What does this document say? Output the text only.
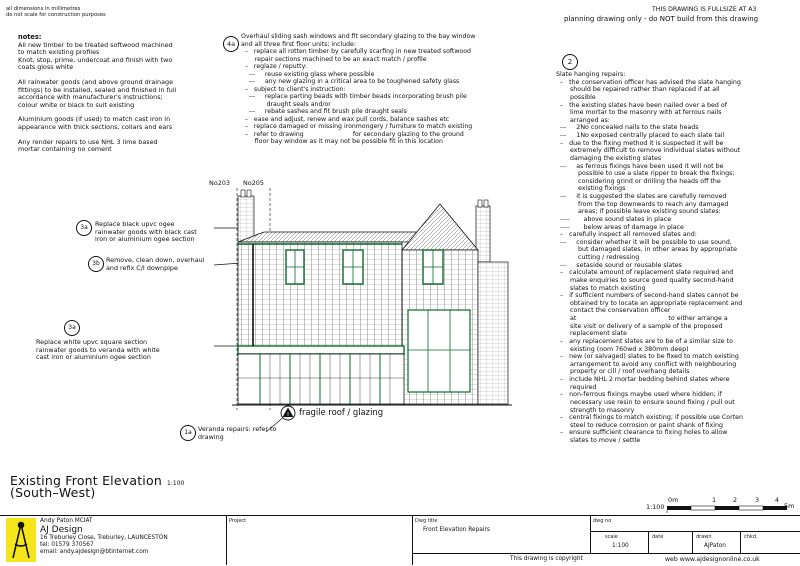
all dimensions in millimetres
do not scale for construction purposes
THIS DRAWING IS FULLSIZE AT A3
planning drawing only - do NOT build from this drawing
notes:
All new timber to be treated softwood machined
to match existing profiles
Knot, stop, prime, undercoat and finish with two
coats gloss white
All rainwater goods (and above ground drainage
fittings) to be installed, sealed and finished in full
accordance with manufacturer's instructions;
colour white or black to suit existing
Aluminium goods (if used) to match cast iron in
appearance with thick sections, collars and ears
Any render repairs to use NHL 3 lime based
mortar containing no cement
4a
Overhaul sliding sash windows and fit secondary glazing to the bay window
and all three first floor units; include:
–   replace all rotten timber by carefully scarfing in new treated softwood
repair sections machined to be an exact match / profile
–   reglaze / reputty:
––     reuse existing glass where possible
––     any new glazing in a critical area to be toughened safety glass
–   subject to client's instruction:
––     replace parting beads with timber beads incorporating brush pile
draught seals and/or
––     rebate sashes and fit brush pile draught seals
–   ease and adjust, renew and wax pull cords, balance sashes etc
–   replace damaged or missing ironmongery / furniture to match existing
–   refer to drawing                         for secondary glazing to the ground
floor bay window as it may not be possible fit in this location
2
Slate hanging repairs:
–   the conservation officer has advised the slate hanging
should be repaired rather than replaced if at all
possible
–   the existing slates have been nailed over a bed of
lime mortar to the masonry with at ferrous nails
arranged as:
––     2No concealed nails to the slate heads
––     1No exposed centrally placed to each slate tail
–   due to the fixing method it is suspected it will be
extremely difficult to remove individual slates without
damaging the existing slates
––     as ferrous fixings have been used it will not be
possible to use a slate ripper to break the fixings;
considering grind or drilling the heads off the
existing fixings
––     it is suggested the slates are carefully removed
from the top downwards to reach any damaged
areas; if possible leave existing sound slates:
–––       above sound slates in place
–––       below areas of damage in place
–   carefully inspect all removed slates and:
––     consider whether it will be possible to use sound,
but damaged slates, in other areas by appropriate
cutting / redressing
––     setaside sound or reusable slates
–   calculate amount of replacement slate required and
make enquiries to source good quality second-hand
slates to match existing
–   if sufficient numbers of second-hand slates cannot be
obtained try to locate an appropriate replacement and
contact the conservation officer
at                                              to either arrange a
site visit or delivery of a sample of the proposed
replacement slate
–   any replacement slates are to be of a similar size to
existing (nom 760wd x 380mm deep)
–   new (or salvaged) slates to be fixed to match existing
arrangement to avoid any conflict with neighbouring
property or cill / roof overhang details
–   include NHL 2 mortar bedding behind slates where
required
–   non-ferrous fixings maybe used where hidden; if
necessary use resin to ensure sound fixing / pull out
strength to masonry
–   central fixings to match existing; if possible use Corten
steel to reduce corrosion or paint shank of fixing
–   ensure sufficient clearance to fixing holes to allow
slates to move / settle
3a	Replace black upvc ogee
rainwater goods with black cast
iron or aluminium ogee section
3b Remove, clean down, overhaul
and refix C/I downpipe
3a
Replace white upvc square section
rainwater goods to veranda with white
cast iron or aluminium ogee section
1a Veranda repairs: refer to
drawing
No203 No205
! fragile roof / glazing
Existing Front Elevation 1:100
(South–West)
1:100
0m	1	2	3 4
5m
Andy Paton MCIAT
AJ Design
16 Treburley Close, Treburley, LAUNCESTON
tel: 01579 370567
email: andy.ajdesign@btinternet.com
Project	Dwg title
Front Elevation Repairs
dwg no
scale
1:100
date	drawn
AJPaton
chkd.
This drawing is copyright	web www.ajdesignonline.co.uk
